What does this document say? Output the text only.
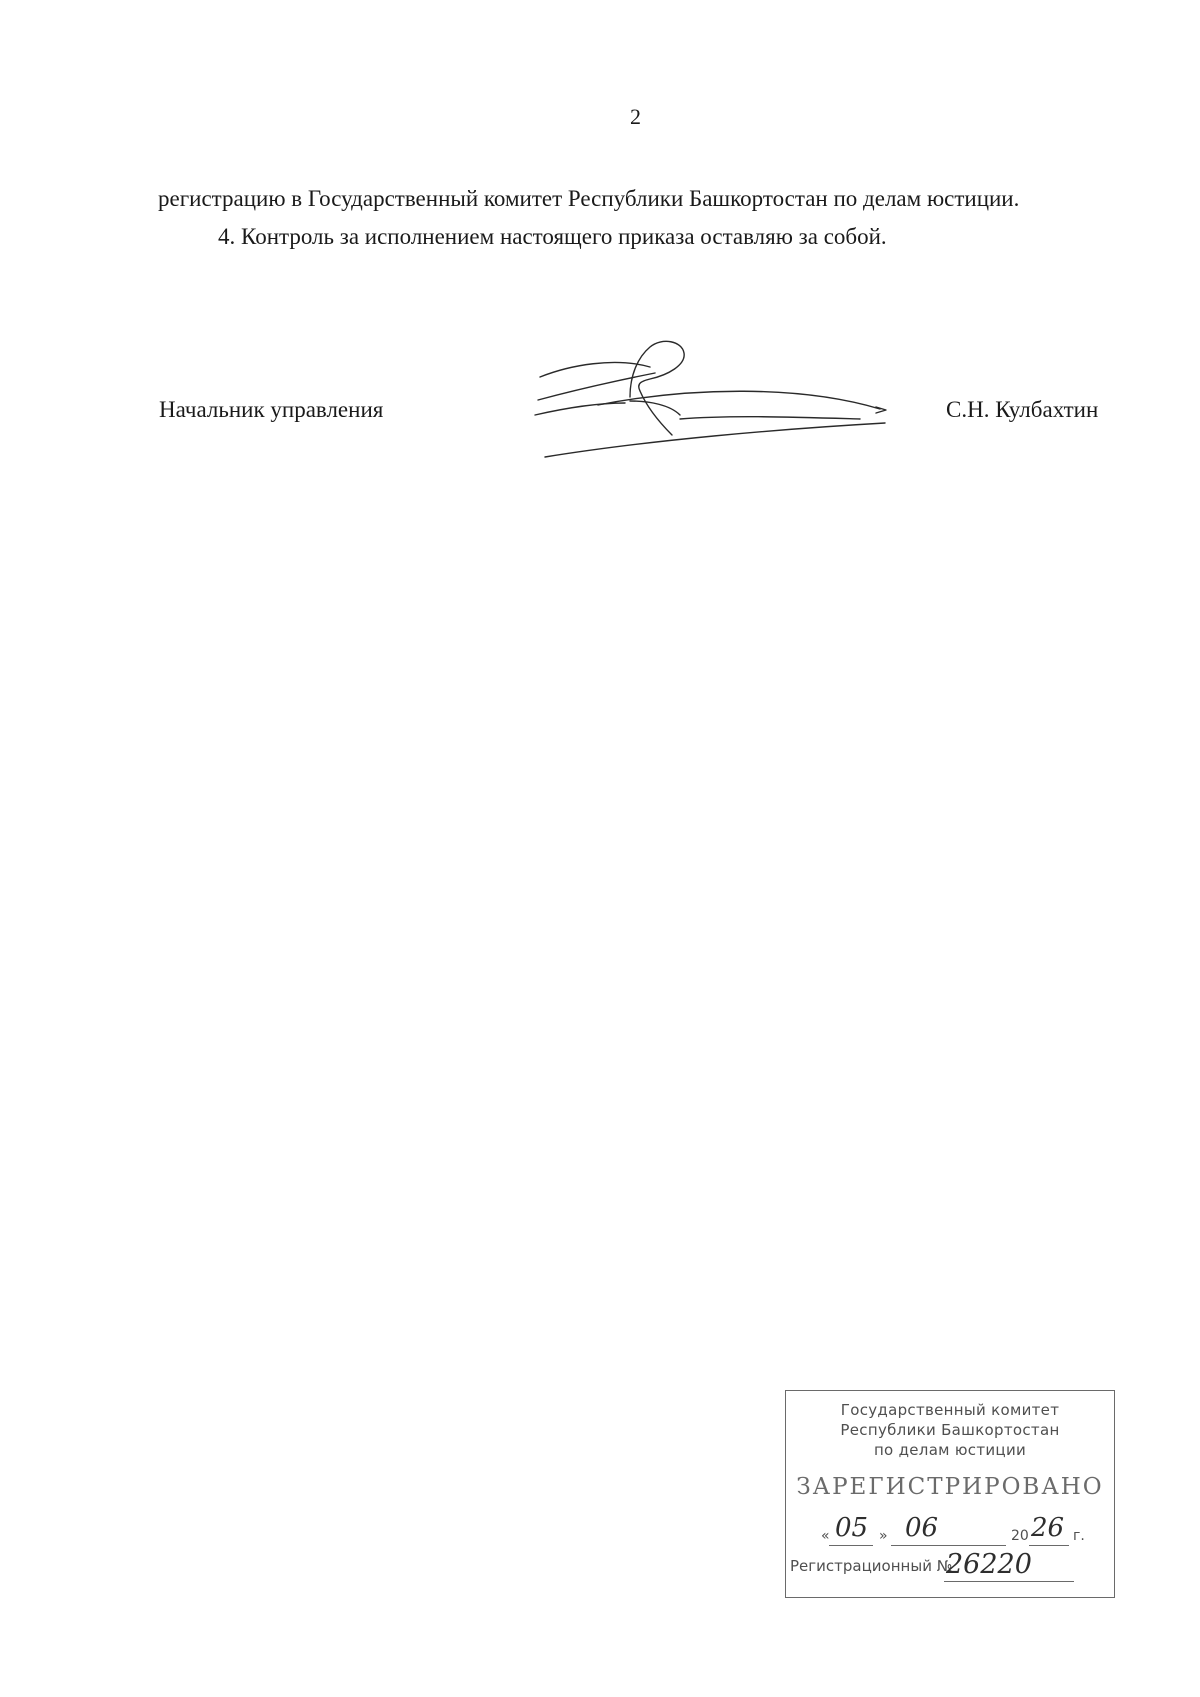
2

регистрацию в Государственный комитет Республики Башкортостан по делам юстиции.

4. Контроль за исполнением настоящего приказа оставляю за собой.

Начальник управления	С.Н. Кулбахтин
Государственный комитет
Республики Башкортостан
по делам юстиции
ЗАРЕГИСТРИРОВАНО
« 05 » 06	20 26 г.
Регистрационный №
26220
